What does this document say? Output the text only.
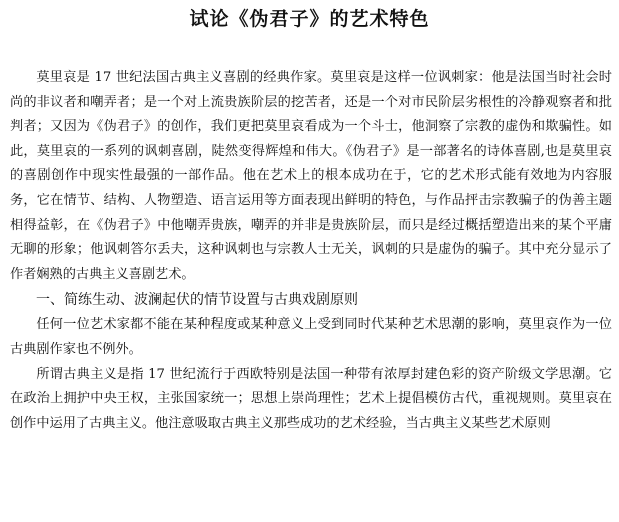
试论《伪君子》的艺术特色

莫里哀是 17 世纪法国古典主义喜剧的经典作家。莫里哀是这样一位讽刺家：他是法国当时社会时尚的非议者和嘲弄者；是一个对上流贵族阶层的挖苦者，还是一个对市民阶层劣根性的冷静观察者和批判者；又因为《伪君子》的创作，我们更把莫里哀看成为一个斗士，他洞察了宗教的虚伪和欺骗性。如此，莫里哀的一系列的讽刺喜剧，陡然变得辉煌和伟大。《伪君子》是一部著名的诗体喜剧,也是莫里哀的喜剧创作中现实性最强的一部作品。他在艺术上的根本成功在于，它的艺术形式能有效地为内容服务，它在情节、结构、人物塑造、语言运用等方面表现出鲜明的特色，与作品抨击宗教骗子的伪善主题相得益彰，在《伪君子》中他嘲弄贵族，嘲弄的并非是贵族阶层，而只是经过概括塑造出来的某个平庸无聊的形象；他讽刺答尔丢夫，这种讽刺也与宗教人士无关，讽刺的只是虚伪的骗子。其中充分显示了作者娴熟的古典主义喜剧艺术。

一、简练生动、波澜起伏的情节设置与古典戏剧原则

任何一位艺术家都不能在某种程度或某种意义上受到同时代某种艺术思潮的影响，莫里哀作为一位古典剧作家也不例外。

所谓古典主义是指 17 世纪流行于西欧特别是法国一种带有浓厚封建色彩的资产阶级文学思潮。它在政治上拥护中央王权，主张国家统一；思想上崇尚理性；艺术上提倡模仿古代，重视规则。莫里哀在创作中运用了古典主义。他注意吸取古典主义那些成功的艺术经验，当古典主义某些艺术原则
